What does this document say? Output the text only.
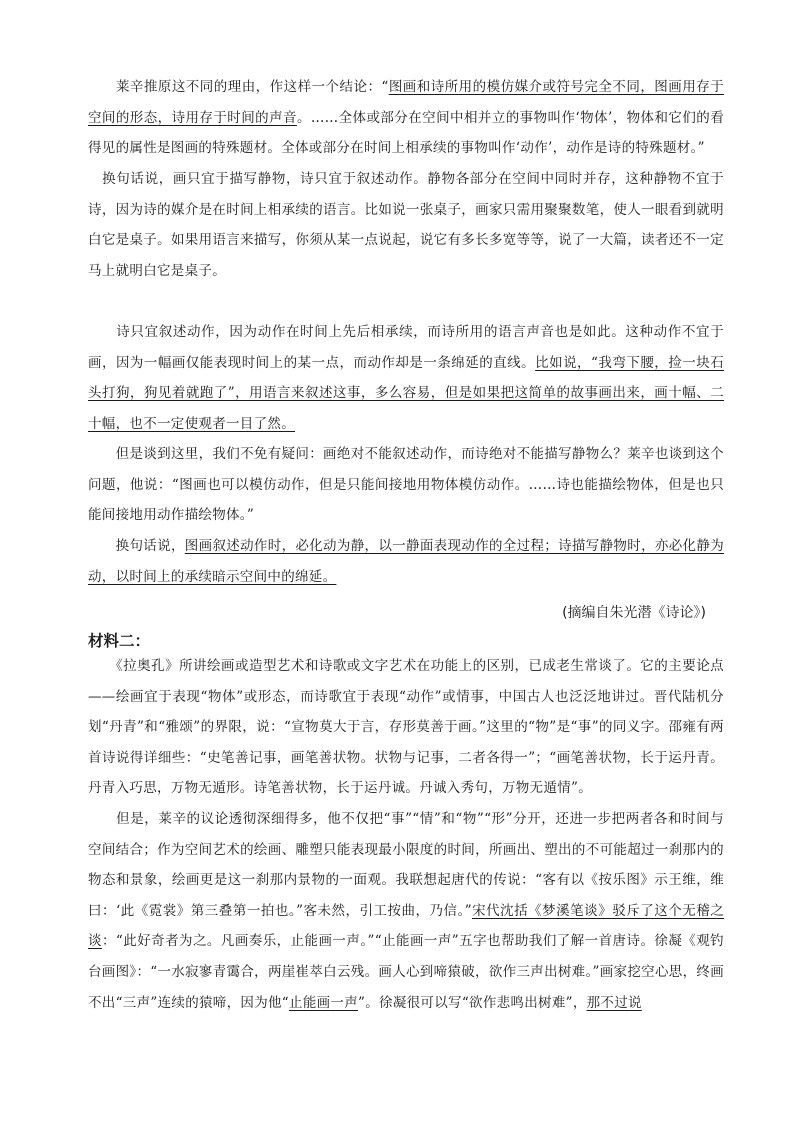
　　莱辛推原这不同的理由，作这样一个结论：“图画和诗所用的模仿媒介或符号完全不同，图画用存于空间的形态，诗用存于时间的声音。……全体或部分在空间中相并立的事物叫作‘物体’，物体和它们的看得见的属性是图画的特殊题材。全体或部分在时间上相承续的事物叫作‘动作’，动作是诗的特殊题材。”
　换句话说，画只宜于描写静物，诗只宜于叙述动作。静物各部分在空间中同时并存，这种静物不宜于诗，因为诗的媒介是在时间上相承续的语言。比如说一张桌子，画家只需用聚聚数笔，使人一眼看到就明白它是桌子。如果用语言来描写，你须从某一点说起，说它有多长多宽等等，说了一大篇，读者还不一定马上就明白它是桌子。
　　诗只宜叙述动作，因为动作在时间上先后相承续，而诗所用的语言声音也是如此。这种动作不宜于画，因为一幅画仅能表现时间上的某一点，而动作却是一条绵延的直线。比如说，“我弯下腰，捡一块石头打狗，狗见着就跑了”，用语言来叙述这事，多么容易，但是如果把这简单的故事画出来，画十幅、二十幅，也不一定使观者一目了然。
　　但是谈到这里，我们不免有疑问：画绝对不能叙述动作，而诗绝对不能描写静物么？莱辛也谈到这个问题，他说：“图画也可以模仿动作，但是只能间接地用物体模仿动作。……诗也能描绘物体，但是也只能间接地用动作描绘物体。”
　　换句话说，图画叙述动作时，必化动为静，以一静面表现动作的全过程；诗描写静物时，亦必化静为动，以时间上的承续暗示空间中的绵延。

(摘编自朱光潜《诗论》)

材料二：

　　《拉奥孔》所讲绘画或造型艺术和诗歌或文字艺术在功能上的区别，已成老生常谈了。它的主要论点——绘画宜于表现“物体”或形态，而诗歌宜于表现“动作”或情事，中国古人也泛泛地讲过。晋代陆机分划“丹青”和“雅颂”的界限，说：“宣物莫大于言，存形莫善于画。”这里的“物”是“事”的同义字。邵雍有两首诗说得详细些：“史笔善记事，画笔善状物。状物与记事，二者各得一”；“画笔善状物，长于运丹青。丹青入巧思，万物无遁形。诗笔善状物，长于运丹诚。丹诚入秀句，万物无遁情”。
　　但是，莱辛的议论透彻深细得多，他不仅把“事”“情”和“物”“形”分开，还进一步把两者各和时间与空间结合；作为空间艺术的绘画、雕塑只能表现最小限度的时间，所画出、塑出的不可能超过一刹那内的物态和景象，绘画更是这一刹那内景物的一面观。我联想起唐代的传说：“客有以《按乐图》示王维，维曰：‘此《霓裳》第三叠第一拍也。”客未然，引工按曲，乃信。”宋代沈括《梦溪笔谈》驳斥了这个无稽之谈：“此好奇者为之。凡画奏乐，止能画一声。”“止能画一声”五字也帮助我们了解一首唐诗。徐凝《观钓台画图》：“一水寂寥青霭合，两崖崔萃白云残。画人心到啼猿破，欲作三声出树难。”画家挖空心思，终画不出“三声”连续的猿啼，因为他“止能画一声”。徐凝很可以写“欲作悲鸣出树难”，那不过说
